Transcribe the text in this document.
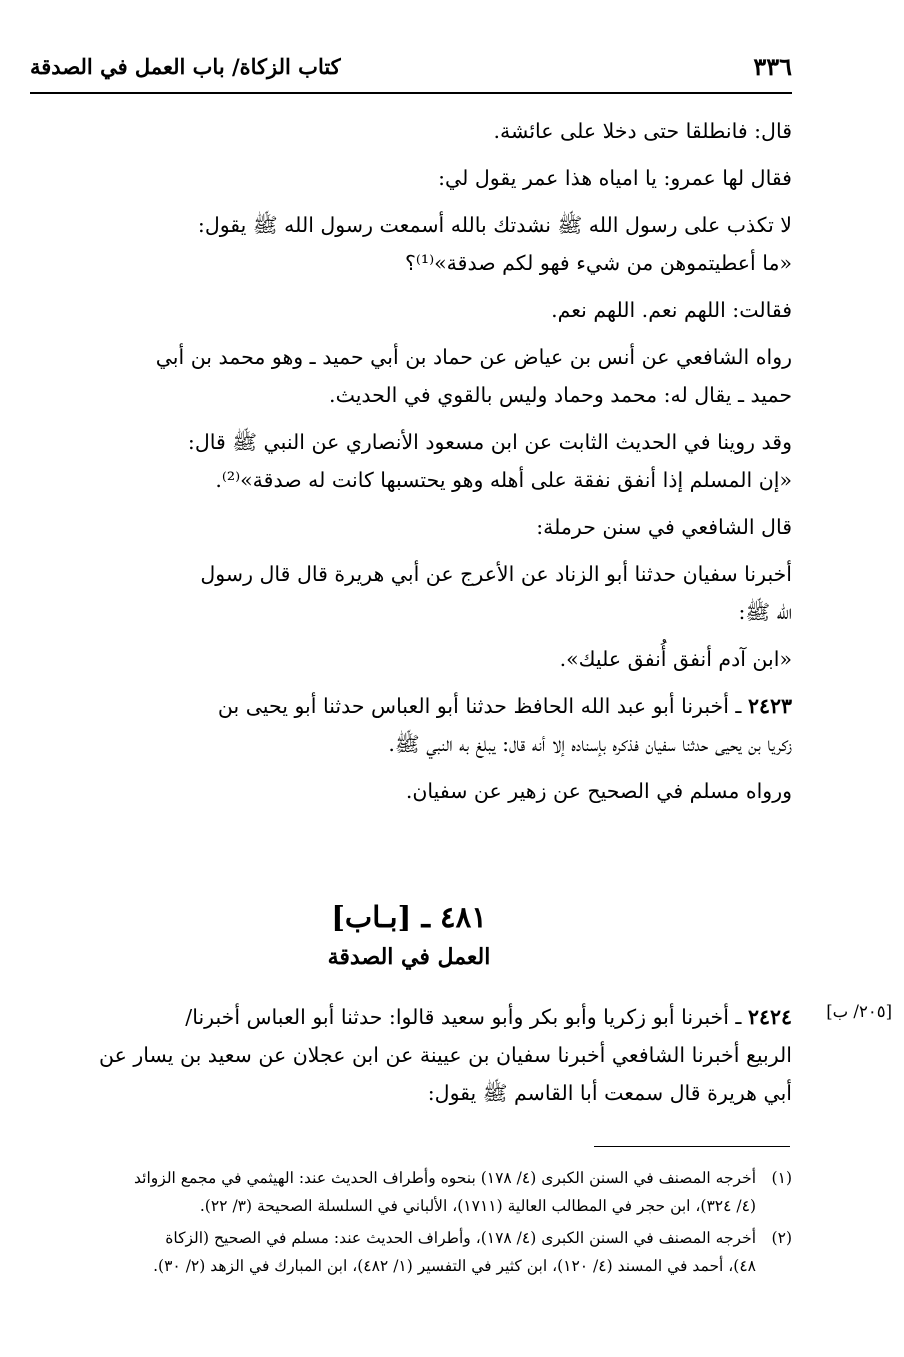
كتاب الزكاة/ باب العمل في الصدقة	٣٣٦
قال: فانطلقا حتى دخلا على عائشة.
فقال لها عمرو: يا امياه هذا عمر يقول لي:
لا تكذب على رسول الله ﷺ نشدتك بالله أسمعت رسول الله ﷺ يقول:
«ما أعطيتموهن من شيء فهو لكم صدقة»⁽¹⁾؟
فقالت: اللهم نعم. اللهم نعم.
رواه الشافعي عن أنس بن عياض عن حماد بن أبي حميد ـ وهو محمد بن أبي
حميد ـ يقال له: محمد وحماد وليس بالقوي في الحديث.
وقد روينا في الحديث الثابت عن ابن مسعود الأنصاري عن النبي ﷺ قال:
«إن المسلم إذا أنفق نفقة على أهله وهو يحتسبها كانت له صدقة»⁽²⁾.
قال الشافعي في سنن حرملة:
أخبرنا سفيان حدثنا أبو الزناد عن الأعرج عن أبي هريرة قال قال رسول
الله ﷺ:
«ابن آدم أنفق أُنفق عليك».
٢٤٢٣ ـ أخبرنا أبو عبد الله الحافظ حدثنا أبو العباس حدثنا أبو يحيى بن
زكريا بن يحيى حدثنا سفيان فذكره بإسناده إلا أنه قال: يبلغ به النبي ﷺ.
ورواه مسلم في الصحيح عن زهير عن سفيان.
٤٨١ ـ [بـاب]
العمل في الصدقة
[٢٠٥/ ب]
٢٤٢٤ ـ أخبرنا أبو زكريا وأبو بكر وأبو سعيد قالوا: حدثنا أبو العباس أخبرنا/
الربيع أخبرنا الشافعي أخبرنا سفيان بن عيينة عن ابن عجلان عن سعيد بن يسار عن
أبي هريرة قال سمعت أبا القاسم ﷺ يقول:
(١)أخرجه المصنف في السنن الكبرى (٤/ ١٧٨) بنحوه وأطراف الحديث عند: الهيثمي في مجمع الزوائد
(٤/ ٣٢٤)، ابن حجر في المطالب العالية (١٧١١)، الألباني في السلسلة الصحيحة (٣/ ٢٢).
(٢)أخرجه المصنف في السنن الكبرى (٤/ ١٧٨)، وأطراف الحديث عند: مسلم في الصحيح (الزكاة
٤٨)، أحمد في المسند (٤/ ١٢٠)، ابن كثير في التفسير (١/ ٤٨٢)، ابن المبارك في الزهد (٢/ ٣٠).
